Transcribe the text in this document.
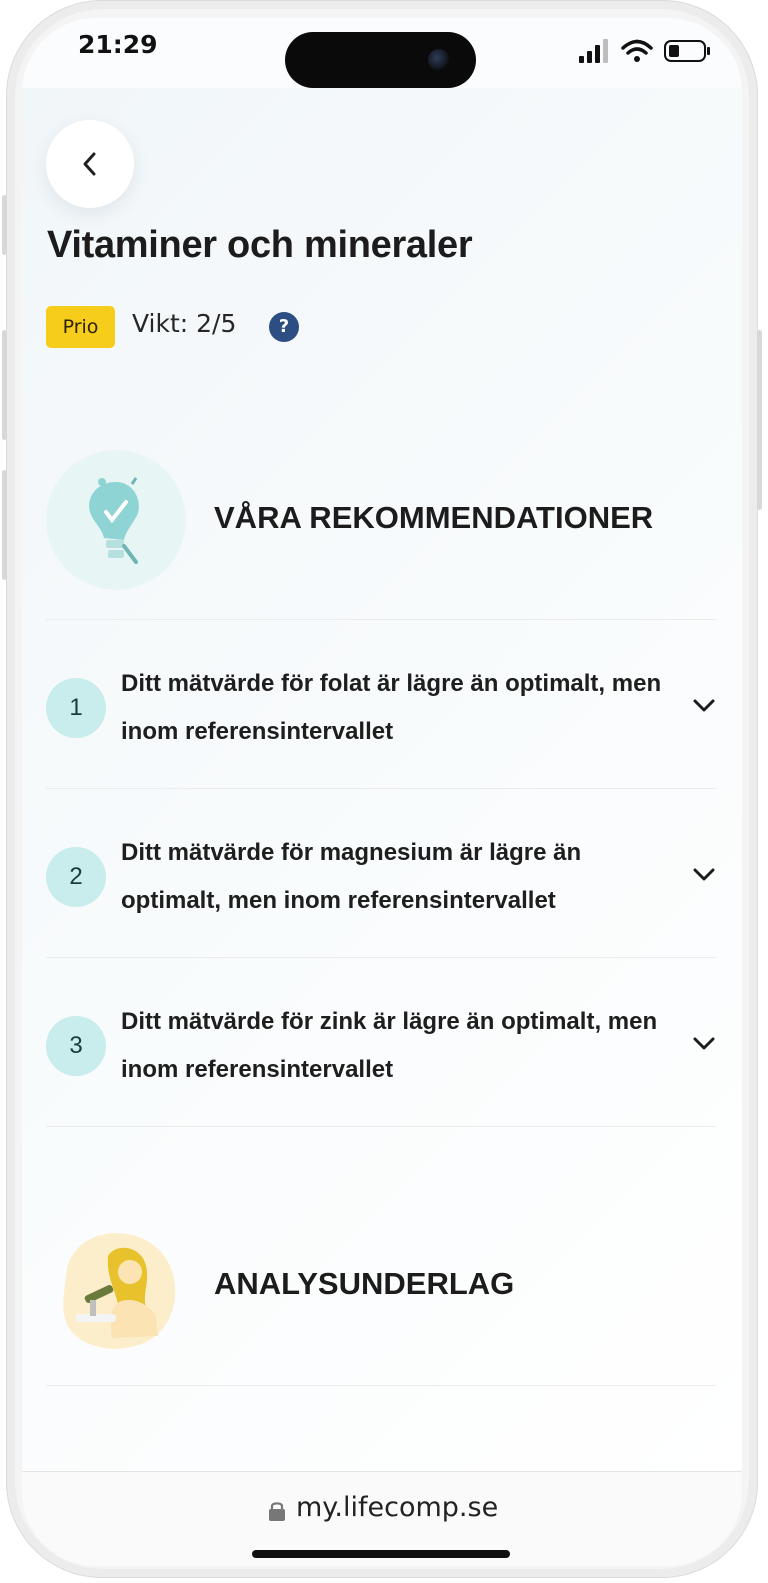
21:29
Vitaminer och mineraler
Prio	Vikt: 2/5	?
VÅRA REKOMMENDATIONER
1
Ditt mätvärde för folat är lägre än optimalt, men inom referensintervallet
2
Ditt mätvärde för magnesium är lägre än optimalt, men inom referensintervallet
3
Ditt mätvärde för zink är lägre än optimalt, men inom referensintervallet
ANALYSUNDERLAG
my.lifecomp.se
